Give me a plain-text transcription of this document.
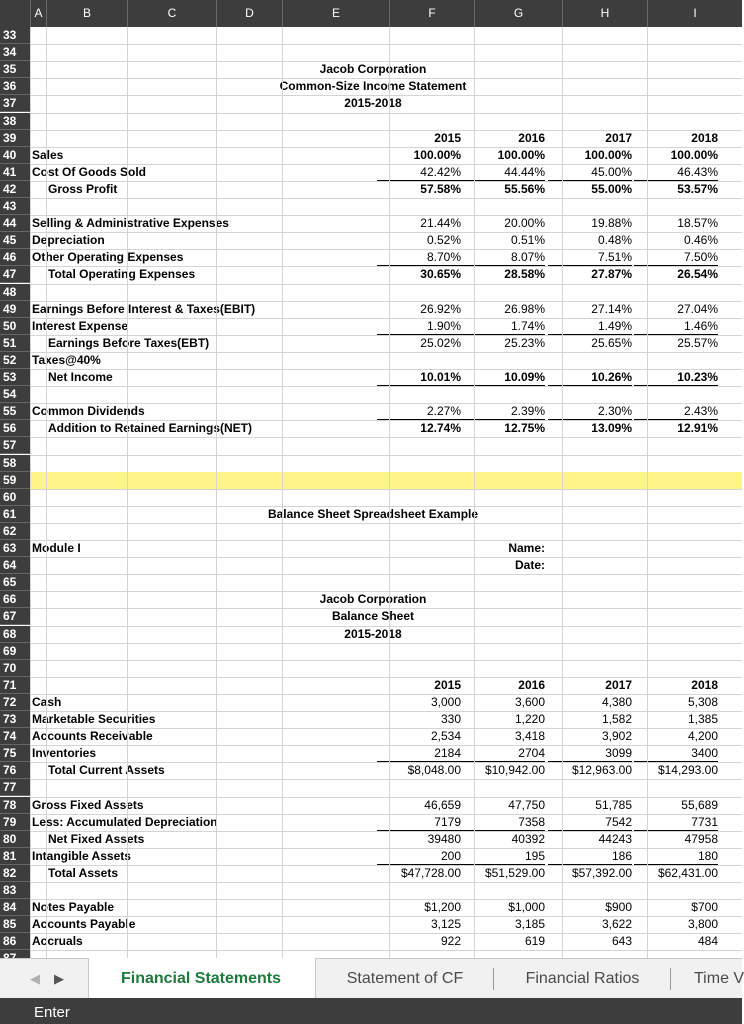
A	B	C	D	E	F	G	H	I
33
34
35
36
37
38
39
40
41
42
43
44
45
46
47
48
49
50
51
52
53
54
55
56
57
58
59
60
61
62
63
64
65
66
67
68
69
70
71
72
73
74
75
76
77
78
79
80
81
82
83
84
85
86
Jacob Corporation
Common-Size Income Statement
2015-2018
2015	2016	2017	2018
Sales	100.00%	100.00%	100.00%	100.00%
Cost Of Goods Sold	42.42%	44.44%	45.00%	46.43%
Gross Profit	57.58%	55.56%	55.00%	53.57%
Selling & Administrative Expenses	21.44%	20.00%	19.88%	18.57%
Depreciation	0.52%	0.51%	0.48%	0.46%
Other Operating Expenses	8.70%	8.07%	7.51%	7.50%
Total Operating Expenses	30.65%	28.58%	27.87%	26.54%
Earnings Before Interest & Taxes(EBIT)	26.92%	26.98%	27.14%	27.04%
Interest Expense	1.90%	1.74%	1.49%	1.46%
Earnings Before Taxes(EBT)	25.02%	25.23%	25.65%	25.57%
Taxes@40%
Net Income	10.01%	10.09%	10.26%	10.23%
Common Dividends	2.27%	2.39%	2.30%	2.43%
Addition to Retained Earnings(NET)	12.74%	12.75%	13.09%	12.91%
Balance Sheet Spreadsheet Example
Module I	Name:
Date:
Jacob Corporation
Balance Sheet
2015-2018
2015	2016	2017	2018
Cash	3,000	3,600	4,380	5,308
Marketable Securities	330	1,220	1,582	1,385
Accounts Receivable	2,534	3,418	3,902	4,200
Inventories	2184	2704	3099	3400
Total Current Assets	$8,048.00	$10,942.00	$12,963.00	$14,293.00
Gross Fixed Assets	46,659	47,750	51,785	55,689
Less: Accumulated Depreciation	7179	7358	7542	7731
Net Fixed Assets	39480	40392	44243	47958
Intangible Assets	200	195	186	180
Total Assets	$47,728.00	$51,529.00	$57,392.00	$62,431.00
Notes Payable	$1,200	$1,000	$900	$700
Accounts Payable	3,125	3,185	3,622	3,800
Accruals	922	619	643	484
◀ ▶	Financial Statements	Statement of CF	Financial Ratios	Time V
Enter
